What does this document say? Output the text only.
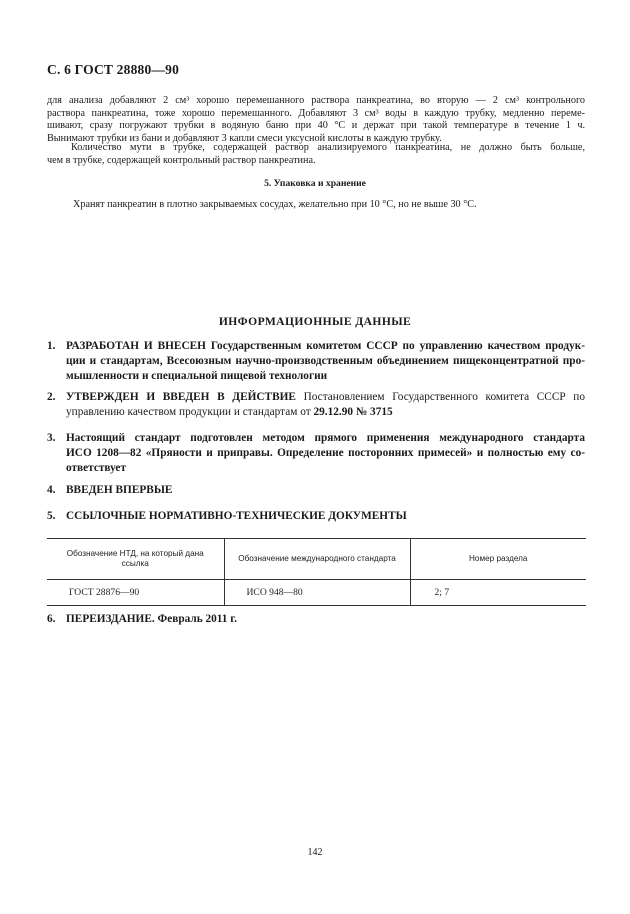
С. 6 ГОСТ 28880—90
для анализа добавляют 2 см³ хорошо перемешанного раствора панкреатина, во вторую — 2 см³ контрольного
раствора панкреатина, тоже хорошо перемешанного. Добавляют 3 см³ воды в каждую трубку, медленно переме-
шивают, сразу погружают трубки в водяную баню при 40 °С и держат при такой температуре в течение 1 ч.
Вынимают трубки из бани и добавляют 3 капли смеси уксусной кислоты в каждую трубку.
Количество мути в трубке, содержащей раствор анализируемого панкреатина, не должно быть больше,
чем в трубке, содержащей контрольный раствор панкреатина.
5. Упаковка и хранение
Хранят панкреатин в плотно закрываемых сосудах, желательно при 10 °С, но не выше 30 °С.
ИНФОРМАЦИОННЫЕ ДАННЫЕ
1. РАЗРАБОТАН И ВНЕСЕН Государственным комитетом СССР по управлению качеством продук-
ции и стандартам, Всесоюзным научно-производственным объединением пищеконцентратной про-
мышленности и специальной пищевой технологии
2. УТВЕРЖДЕН И ВВЕДЕН В ДЕЙСТВИЕ Постановлением Государственного комитета СССР по
управлению качеством продукции и стандартам от 29.12.90 № 3715
3. Настоящий стандарт подготовлен методом прямого применения международного стандарта
ИСО 1208—82 «Пряности и приправы. Определение посторонних примесей» и полностью ему со-
ответствует
4. ВВЕДЕН ВПЕРВЫЕ
5. ССЫЛОЧНЫЕ НОРМАТИВНО-ТЕХНИЧЕСКИЕ ДОКУМЕНТЫ
Обозначение НТД, на который дана ссылка	Обозначение международного стандарта	Номер раздела
ГОСТ 28876—90	ИСО 948—80	2; 7
6. ПЕРЕИЗДАНИЕ. Февраль 2011 г.
142
